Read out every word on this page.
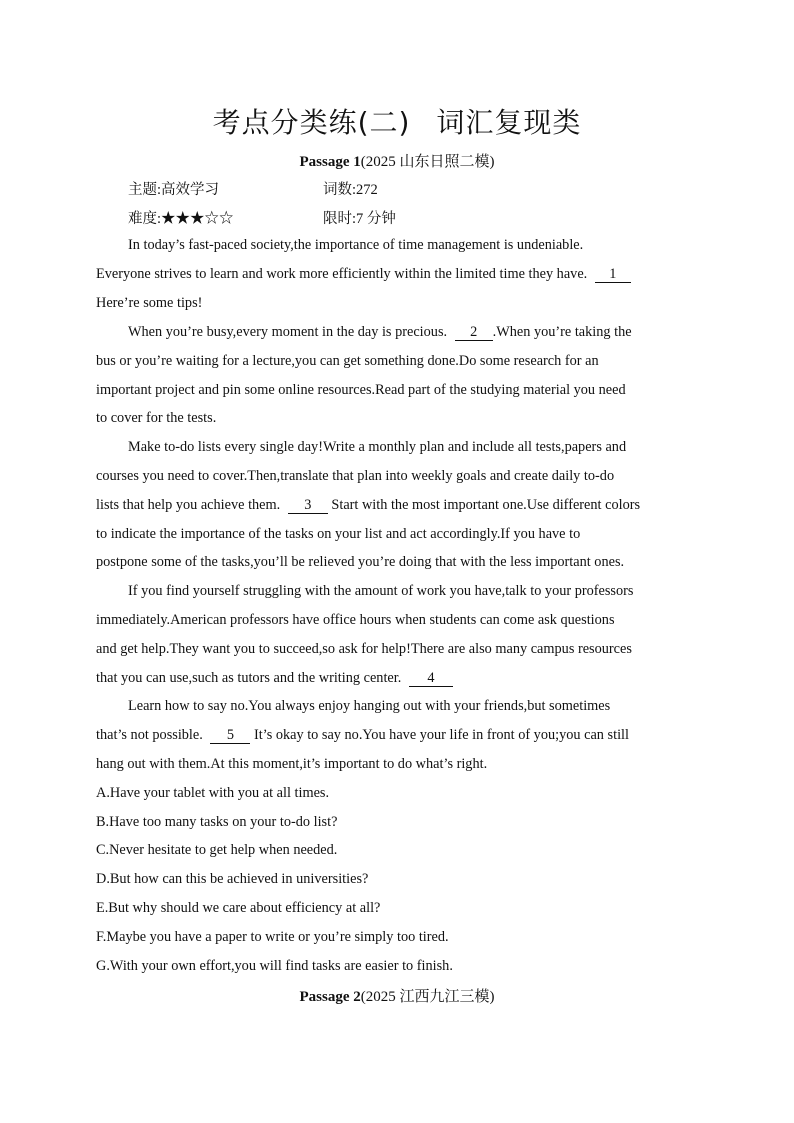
考点分类练(二) 词汇复现类
Passage 1(2025 山东日照二模)
主题:高效学习	词数:272
难度:★★★☆☆	限时:7 分钟
In today’s fast-paced society,the importance of time management is undeniable.
Everyone strives to learn and work more efficiently within the limited time they have. 1
Here’re some tips!
When you’re busy,every moment in the day is precious. 2 .When you’re taking the
bus or you’re waiting for a lecture,you can get something done.Do some research for an
important project and pin some online resources.Read part of the studying material you need
to cover for the tests.
Make to-do lists every single day!Write a monthly plan and include all tests,papers and
courses you need to cover.Then,translate that plan into weekly goals and create daily to-do
lists that help you achieve them. 3 Start with the most important one.Use different colors
to indicate the importance of the tasks on your list and act accordingly.If you have to
postpone some of the tasks,you’ll be relieved you’re doing that with the less important ones.
If you find yourself struggling with the amount of work you have,talk to your professors
immediately.American professors have office hours when students can come ask questions
and get help.They want you to succeed,so ask for help!There are also many campus resources
that you can use,such as tutors and the writing center. 4
Learn how to say no.You always enjoy hanging out with your friends,but sometimes
that’s not possible. 5 It’s okay to say no.You have your life in front of you;you can still
hang out with them.At this moment,it’s important to do what’s right.
A.Have your tablet with you at all times.
B.Have too many tasks on your to-do list?
C.Never hesitate to get help when needed.
D.But how can this be achieved in universities?
E.But why should we care about efficiency at all?
F.Maybe you have a paper to write or you’re simply too tired.
G.With your own effort,you will find tasks are easier to finish.
Passage 2(2025 江西九江三模)
